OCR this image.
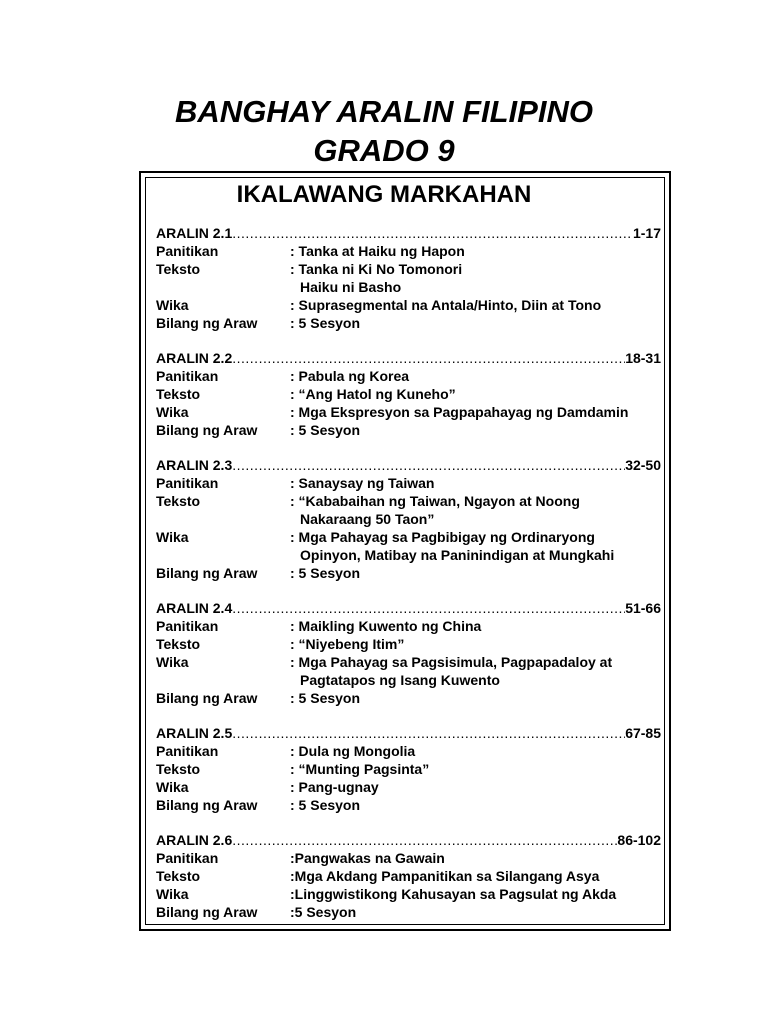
BANGHAY ARALIN FILIPINO
GRADO 9
IKALAWANG MARKAHAN
ARALIN 2.1 .....	1-17
Panitikan	: Tanka at Haiku ng Hapon
Teksto	: Tanka ni Ki No Tomonori
Haiku ni Basho
Wika	: Suprasegmental na Antala/Hinto, Diin at Tono
Bilang ng Araw	: 5 Sesyon
ARALIN 2.2 .....	18-31
Panitikan	: Pabula ng Korea
Teksto	: “Ang Hatol ng Kuneho”
Wika	: Mga Ekspresyon sa Pagpapahayag ng Damdamin
Bilang ng Araw	: 5 Sesyon
ARALIN 2.3 .....	32-50
Panitikan	: Sanaysay ng Taiwan
Teksto	: “Kababaihan ng Taiwan, Ngayon at Noong
Nakaraang 50 Taon”
Wika	: Mga Pahayag sa Pagbibigay ng Ordinaryong
Opinyon, Matibay na Paninindigan at Mungkahi
Bilang ng Araw	: 5 Sesyon
ARALIN 2.4 .....	51-66
Panitikan	: Maikling Kuwento ng China
Teksto	: “Niyebeng Itim”
Wika	: Mga Pahayag sa Pagsisimula, Pagpapadaloy at
Pagtatapos ng Isang Kuwento
Bilang ng Araw	: 5 Sesyon
ARALIN 2.5 .....	67-85
Panitikan	: Dula ng Mongolia
Teksto	: “Munting Pagsinta”
Wika	: Pang-ugnay
Bilang ng Araw	: 5 Sesyon
ARALIN 2.6 .....	86-102
Panitikan	:Pangwakas na Gawain
Teksto	:Mga Akdang Pampanitikan sa Silangang Asya
Wika	:Linggwistikong Kahusayan sa Pagsulat ng Akda
Bilang ng Araw	:5 Sesyon
